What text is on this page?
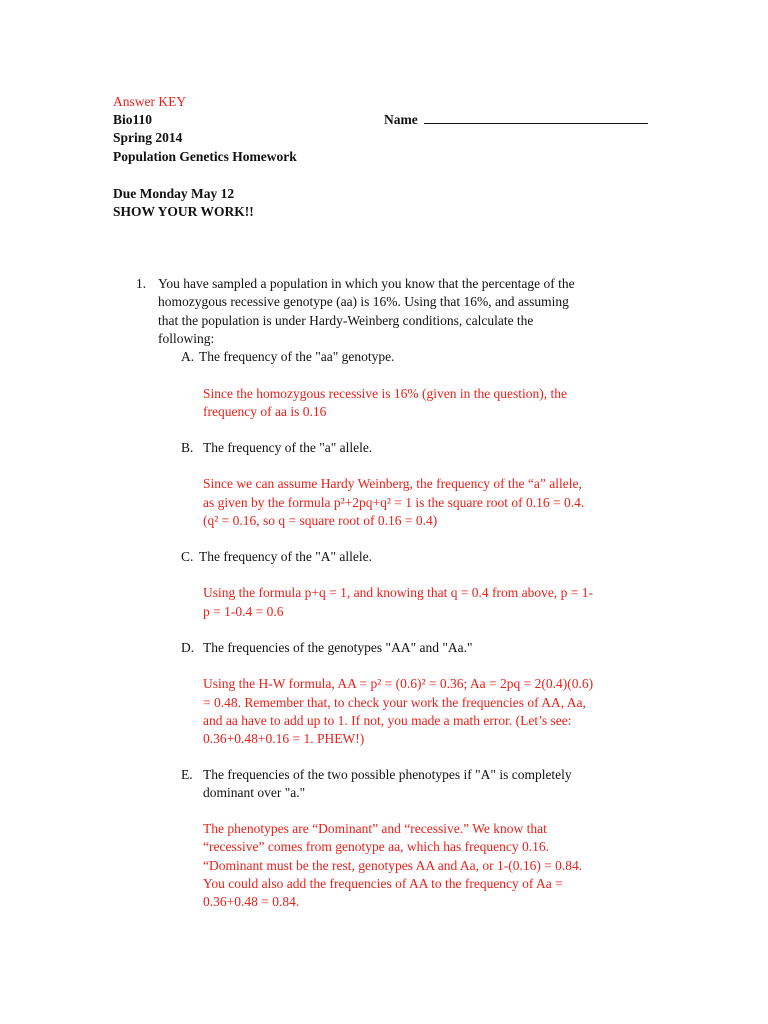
Answer KEY
Bio110	Name
Spring 2014
Population Genetics Homework
Due Monday May 12
SHOW YOUR WORK!!
1. You have sampled a population in which you know that the percentage of the
homozygous recessive genotype (aa) is 16%. Using that 16%, and assuming
that the population is under Hardy-Weinberg conditions, calculate the
following:
A. The frequency of the "aa" genotype.
Since the homozygous recessive is 16% (given in the question), the
frequency of aa is 0.16
B. The frequency of the "a" allele.
Since we can assume Hardy Weinberg, the frequency of the “a” allele,
as given by the formula p²+2pq+q² = 1 is the square root of 0.16 = 0.4.
(q² = 0.16, so q = square root of 0.16 = 0.4)
C. The frequency of the "A" allele.
Using the formula p+q = 1, and knowing that q = 0.4 from above, p = 1-
p = 1-0.4 = 0.6
D. The frequencies of the genotypes "AA" and "Aa."
Using the H-W formula, AA = p² = (0.6)² = 0.36; Aa = 2pq = 2(0.4)(0.6)
= 0.48. Remember that, to check your work the frequencies of AA, Aa,
and aa have to add up to 1. If not, you made a math error. (Let’s see:
0.36+0.48+0.16 = 1. PHEW!)
E. The frequencies of the two possible phenotypes if "A" is completely
dominant over "a."
The phenotypes are “Dominant” and “recessive.” We know that
“recessive” comes from genotype aa, which has frequency 0.16.
“Dominant must be the rest, genotypes AA and Aa, or 1-(0.16) = 0.84.
You could also add the frequencies of AA to the frequency of Aa =
0.36+0.48 = 0.84.
